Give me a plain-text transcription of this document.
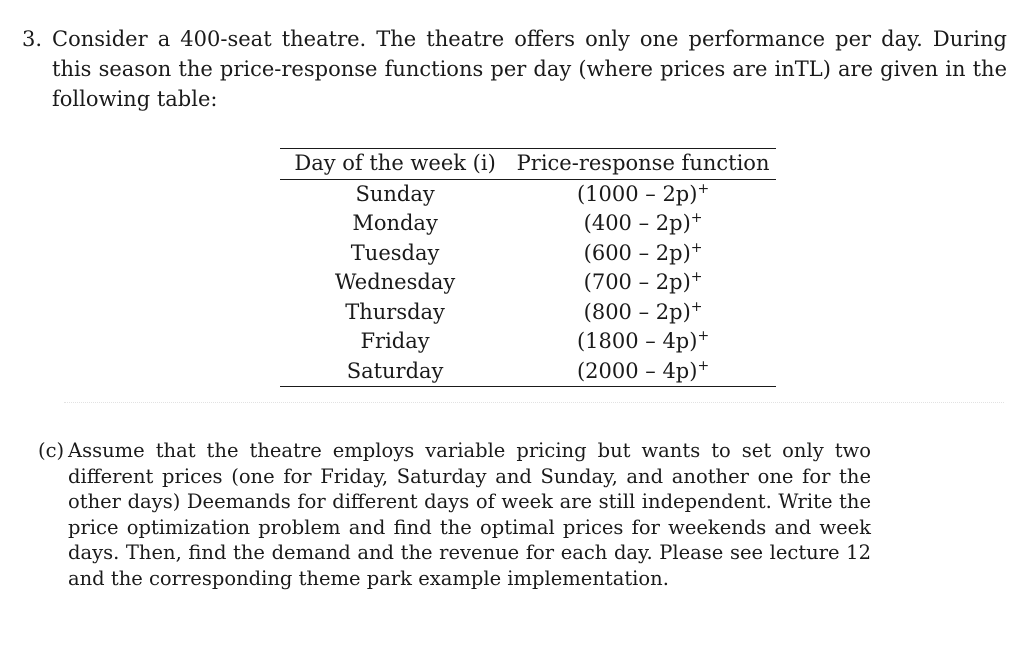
3. Consider a 400-seat theatre. The theatre offers only one performance per day. During this season the price-response functions per day (where prices are inTL) are given in the following table:

Day of the week (i)	Price-response function
Sunday	(1000 – 2p)+
Monday	(400 – 2p)+
Tuesday	(600 – 2p)+
Wednesday	(700 – 2p)+
Thursday	(800 – 2p)+
Friday	(1800 – 4p)+
Saturday	(2000 – 4p)+

(c) Assume that the theatre employs variable pricing but wants to set only two different prices (one for Friday, Saturday and Sunday, and another one for the other days) Deemands for different days of week are still independent. Write the price optimization problem and find the optimal prices for weekends and week days. Then, find the demand and the revenue for each day. Please see lecture 12 and the corresponding theme park example implementation.
